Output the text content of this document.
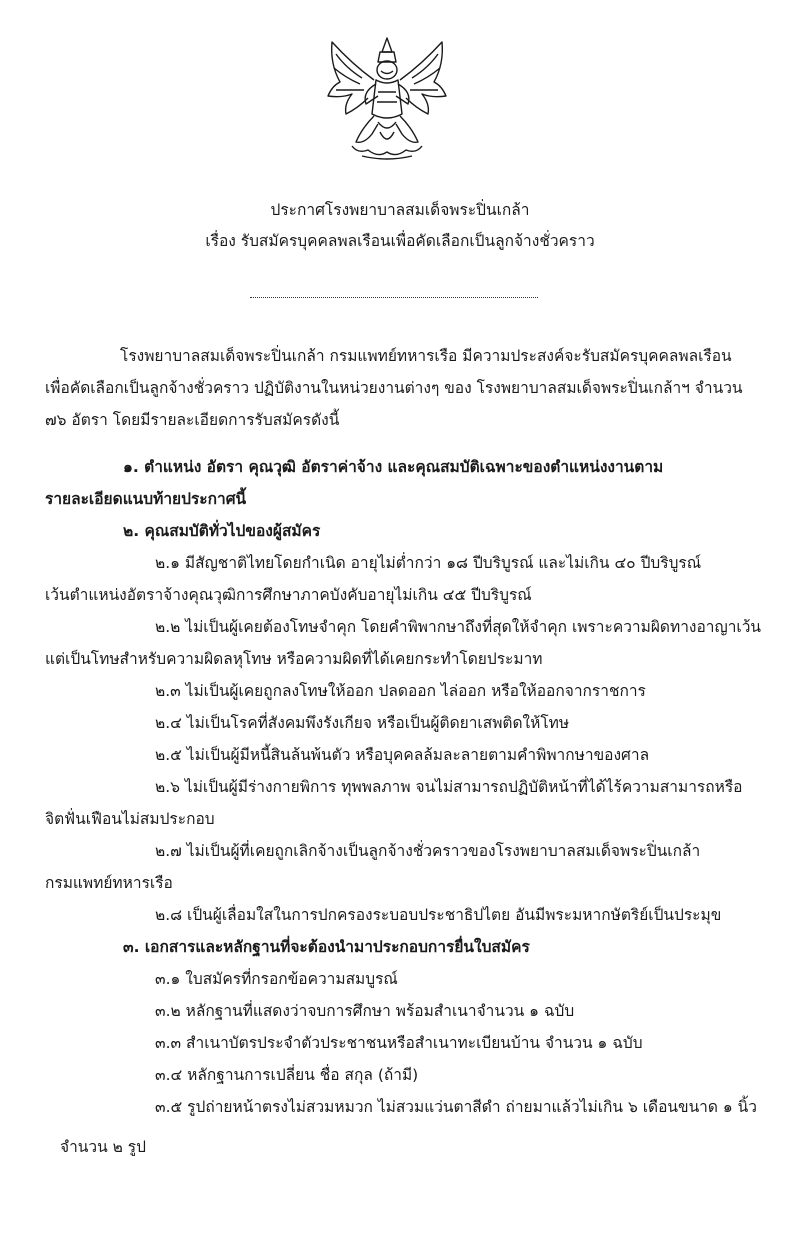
ประกาศโรงพยาบาลสมเด็จพระปิ่นเกล้า
เรื่อง รับสมัครบุคคลพลเรือนเพื่อคัดเลือกเป็นลูกจ้างชั่วคราว
โรงพยาบาลสมเด็จพระปิ่นเกล้า กรมแพทย์ทหารเรือ มีความประสงค์จะรับสมัครบุคคลพลเรือน
เพื่อคัดเลือกเป็นลูกจ้างชั่วคราว ปฏิบัติงานในหน่วยงานต่างๆ ของ โรงพยาบาลสมเด็จพระปิ่นเกล้าฯ จำนวน
๗๖ อัตรา โดยมีรายละเอียดการรับสมัครดังนี้
๑. ตำแหน่ง อัตรา คุณวุฒิ อัตราค่าจ้าง และคุณสมบัติเฉพาะของตำแหน่งงานตาม
รายละเอียดแนบท้ายประกาศนี้
๒. คุณสมบัติทั่วไปของผู้สมัคร
๒.๑ มีสัญชาติไทยโดยกำเนิด อายุไม่ต่ำกว่า ๑๘ ปีบริบูรณ์ และไม่เกิน ๔๐ ปีบริบูรณ์
เว้นตำแหน่งอัตราจ้างคุณวุฒิการศึกษาภาคบังคับอายุไม่เกิน ๔๕ ปีบริบูรณ์
๒.๒ ไม่เป็นผู้เคยต้องโทษจำคุก โดยคำพิพากษาถึงที่สุดให้จำคุก เพราะความผิดทางอาญาเว้น
แต่เป็นโทษสำหรับความผิดลหุโทษ หรือความผิดที่ได้เคยกระทำโดยประมาท
๒.๓ ไม่เป็นผู้เคยถูกลงโทษให้ออก ปลดออก ไล่ออก หรือให้ออกจากราชการ
๒.๔ ไม่เป็นโรคที่สังคมพึงรังเกียจ หรือเป็นผู้ติดยาเสพติดให้โทษ
๒.๕ ไม่เป็นผู้มีหนี้สินล้นพ้นตัว หรือบุคคลล้มละลายตามคำพิพากษาของศาล
๒.๖ ไม่เป็นผู้มีร่างกายพิการ ทุพพลภาพ จนไม่สามารถปฏิบัติหน้าที่ได้ไร้ความสามารถหรือ
จิตฟั่นเฟือนไม่สมประกอบ
๒.๗ ไม่เป็นผู้ที่เคยถูกเลิกจ้างเป็นลูกจ้างชั่วคราวของโรงพยาบาลสมเด็จพระปิ่นเกล้า
กรมแพทย์ทหารเรือ
๒.๘ เป็นผู้เลื่อมใสในการปกครองระบอบประชาธิปไตย อันมีพระมหากษัตริย์เป็นประมุข
๓. เอกสารและหลักฐานที่จะต้องนำมาประกอบการยื่นใบสมัคร
๓.๑ ใบสมัครที่กรอกข้อความสมบูรณ์
๓.๒ หลักฐานที่แสดงว่าจบการศึกษา พร้อมสำเนาจำนวน ๑ ฉบับ
๓.๓ สำเนาบัตรประจำตัวประชาชนหรือสำเนาทะเบียนบ้าน จำนวน ๑ ฉบับ
๓.๔ หลักฐานการเปลี่ยน ชื่อ สกุล (ถ้ามี)
๓.๕ รูปถ่ายหน้าตรงไม่สวมหมวก ไม่สวมแว่นตาสีดำ ถ่ายมาแล้วไม่เกิน ๖ เดือนขนาด ๑ นิ้ว
จำนวน ๒ รูป
